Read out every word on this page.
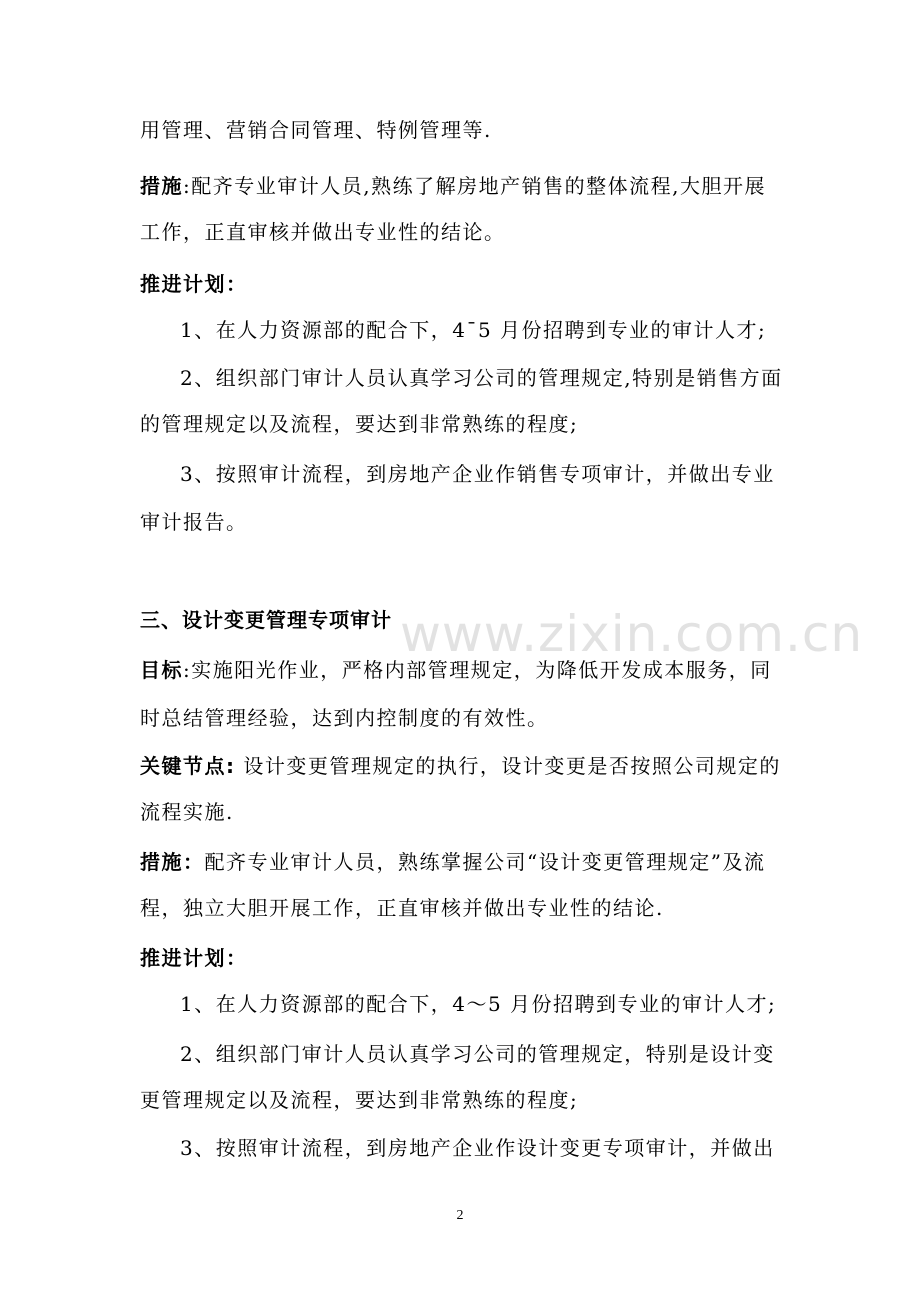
www.zixin.com.cn
用管理、营销合同管理、特例管理等.
措施:配齐专业审计人员,熟练了解房地产销售的整体流程,大胆开展
工作，正直审核并做出专业性的结论。
推进计划：
1、在人力资源部的配合下，4¯5 月份招聘到专业的审计人才;
2、组织部门审计人员认真学习公司的管理规定,特别是销售方面
的管理规定以及流程，要达到非常熟练的程度;
3、按照审计流程，到房地产企业作销售专项审计，并做出专业
审计报告。
三、设计变更管理专项审计
目标:实施阳光作业，严格内部管理规定，为降低开发成本服务，同
时总结管理经验，达到内控制度的有效性。
关键节点: 设计变更管理规定的执行，设计变更是否按照公司规定的
流程实施.
措施：配齐专业审计人员，熟练掌握公司“设计变更管理规定”及流
程，独立大胆开展工作，正直审核并做出专业性的结论.
推进计划：
1、在人力资源部的配合下，4～5 月份招聘到专业的审计人才;
2、组织部门审计人员认真学习公司的管理规定，特别是设计变
更管理规定以及流程，要达到非常熟练的程度;
3、按照审计流程，到房地产企业作设计变更专项审计，并做出
2
